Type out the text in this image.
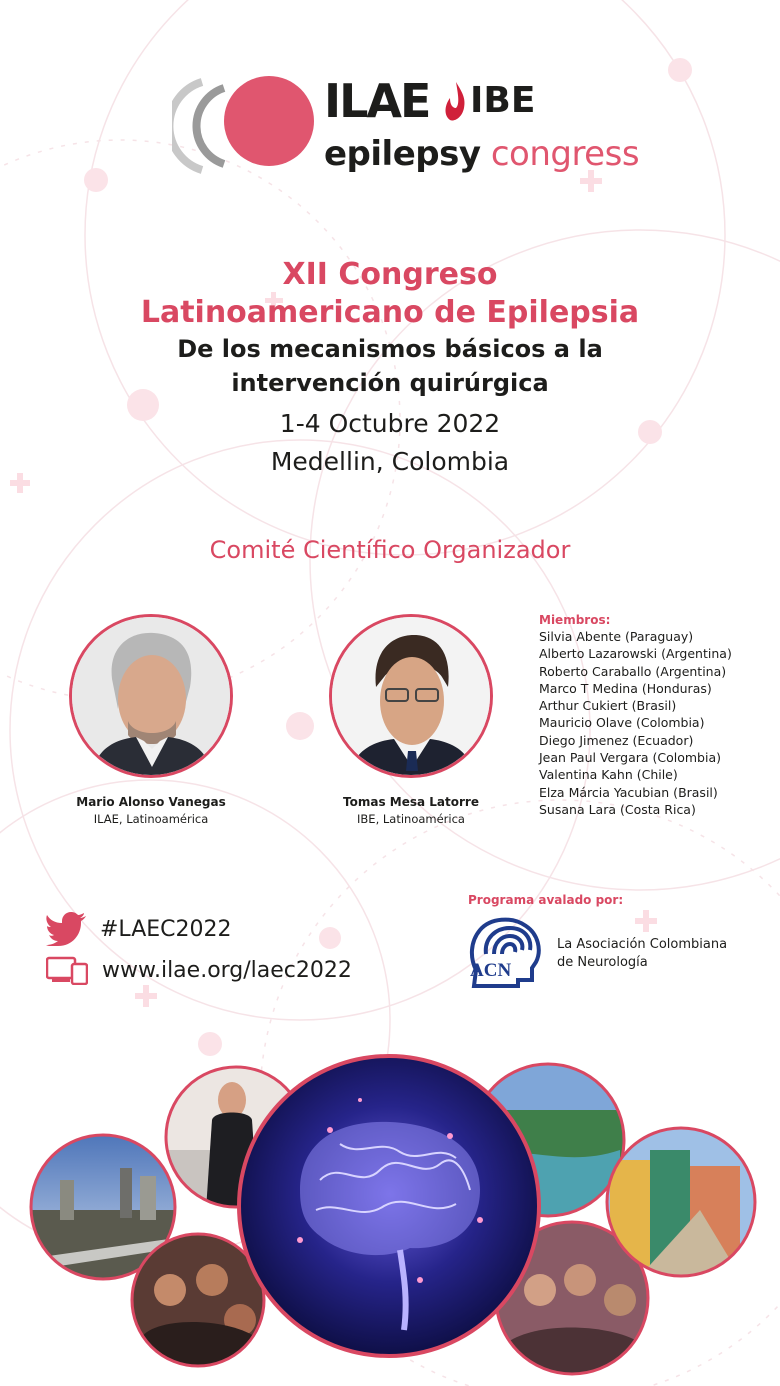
ILAE IBE
epilepsy congress
XII Congreso
Latinoamericano de Epilepsia
De los mecanismos básicos a la
intervención quirúrgica
1-4 Octubre 2022
Medellin, Colombia
Comité Científico Organizador
Mario Alonso Vanegas
ILAE, Latinoamérica
Tomas Mesa Latorre
IBE, Latinoamérica
Miembros:
Silvia Abente (Paraguay)
Alberto Lazarowski (Argentina)
Roberto Caraballo (Argentina)
Marco T Medina (Honduras)
Arthur Cukiert (Brasil)
Mauricio Olave (Colombia)
Diego Jimenez (Ecuador)
Jean Paul Vergara (Colombia)
Valentina Kahn (Chile)
Elza Márcia Yacubian (Brasil)
Susana Lara (Costa Rica)
#LAEC2022
www.ilae.org/laec2022
Programa avalado por:
ACN
La Asociación Colombiana
de Neurología
